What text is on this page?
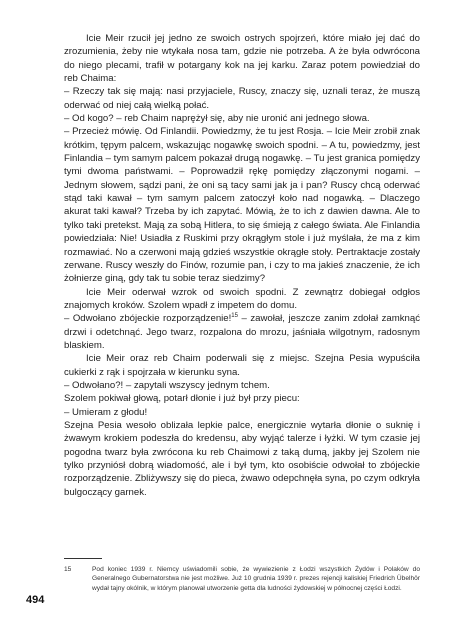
Icie Meir rzucił jej jedno ze swoich ostrych spojrzeń, które miało jej dać do zrozumienia, żeby nie wtykała nosa tam, gdzie nie potrzeba. A że była odwrócona do niego plecami, trafił w potargany kok na jej karku. Zaraz potem powiedział do reb Chaima:

– Rzeczy tak się mają: nasi przyjaciele, Ruscy, znaczy się, uznali teraz, że muszą oderwać od niej całą wielką połać.

– Od kogo? – reb Chaim naprężył się, aby nie uronić ani jednego słowa.

– Przecież mówię. Od Finlandii. Powiedzmy, że tu jest Rosja. – Icie Meir zrobił znak krótkim, tępym palcem, wskazując nogawkę swoich spodni. – A tu, powiedzmy, jest Finlandia – tym samym palcem pokazał drugą nogawkę. – Tu jest granica pomiędzy tymi dwoma państwami. – Poprowadził rękę pomiędzy złączonymi nogami. – Jednym słowem, sądzi pani, że oni są tacy sami jak ja i pan? Ruscy chcą oderwać stąd taki kawał – tym samym palcem zatoczył koło nad nogawką. – Dlaczego akurat taki kawał? Trzeba by ich zapytać. Mówią, że to ich z dawien dawna. Ale to tylko taki pretekst. Mają za sobą Hitlera, to się śmieją z całego świata. Ale Finlandia powiedziała: Nie! Usiadła z Ruskimi przy okrągłym stole i już myślała, że ma z kim rozmawiać. No a czerwoni mają gdzieś wszystkie okrągłe stoły. Pertraktacje zostały zerwane. Ruscy weszły do Finów, rozumie pan, i czy to ma jakieś znaczenie, że ich żołnierze giną, gdy tak tu sobie teraz siedzimy?

Icie Meir oderwał wzrok od swoich spodni. Z zewnątrz dobiegał odgłos znajomych kroków. Szolem wpadł z impetem do domu.

– Odwołano zbójeckie rozporządzenie!$^{15}$ – zawołał, jeszcze zanim zdołał zamknąć drzwi i odetchnąć. Jego twarz, rozpalona do mrozu, jaśniała wilgotnym, radosnym blaskiem.

Icie Meir oraz reb Chaim poderwali się z miejsc. Szejna Pesia wypuściła cukierki z rąk i spojrzała w kierunku syna.

– Odwołano?! – zapytali wszyscy jednym tchem.

Szolem pokiwał głową, potarł dłonie i już był przy piecu:

– Umieram z głodu!

Szejna Pesia wesoło oblizała lepkie palce, energicznie wytarła dłonie o suknię i żwawym krokiem podeszła do kredensu, aby wyjąć talerze i łyżki. W tym czasie jej pogodna twarz była zwrócona ku reb Chaimowi z taką dumą, jakby jej Szolem nie tylko przyniósł dobrą wiadomość, ale i był tym, kto osobiście odwołał to zbójeckie rozporządzenie. Zbliżywszy się do pieca, żwawo odepchnęła syna, po czym odkryła bulgoczący garnek.

15	Pod koniec 1939 r. Niemcy uświadomili sobie, że wywiezienie z Łodzi wszystkich Żydów i Polaków do Generalnego Gubernatorstwa nie jest możliwe. Już 10 grudnia 1939 r. prezes rejencji kaliskiej Friedrich Übelhör wydał tajny okólnik, w którym planował utworzenie getta dla ludności żydowskiej w północnej części Łodzi.
494
